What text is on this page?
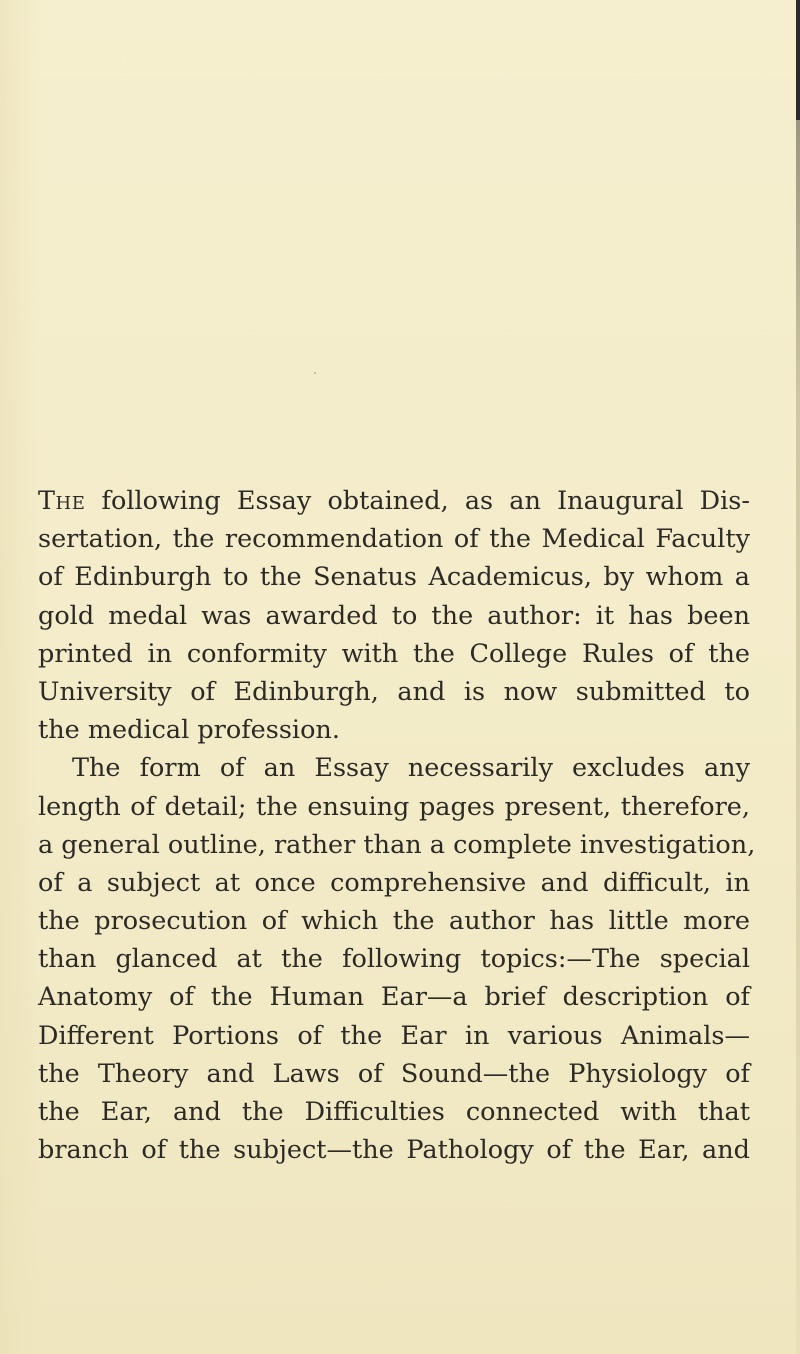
The following Essay obtained, as an Inaugural Dis-
sertation, the recommendation of the Medical Faculty
of Edinburgh to the Senatus Academicus, by whom a
gold medal was awarded to the author: it has been
printed in conformity with the College Rules of the
University of Edinburgh, and is now submitted to
the medical profession.
The form of an Essay necessarily excludes any
length of detail; the ensuing pages present, therefore,
a general outline, rather than a complete investigation,
of a subject at once comprehensive and difficult, in
the prosecution of which the author has little more
than glanced at the following topics:—The special
Anatomy of the Human Ear—a brief description of
Different Portions of the Ear in various Animals—
the Theory and Laws of Sound—the Physiology of
the Ear, and the Difficulties connected with that
branch of the subject—the Pathology of the Ear, and
